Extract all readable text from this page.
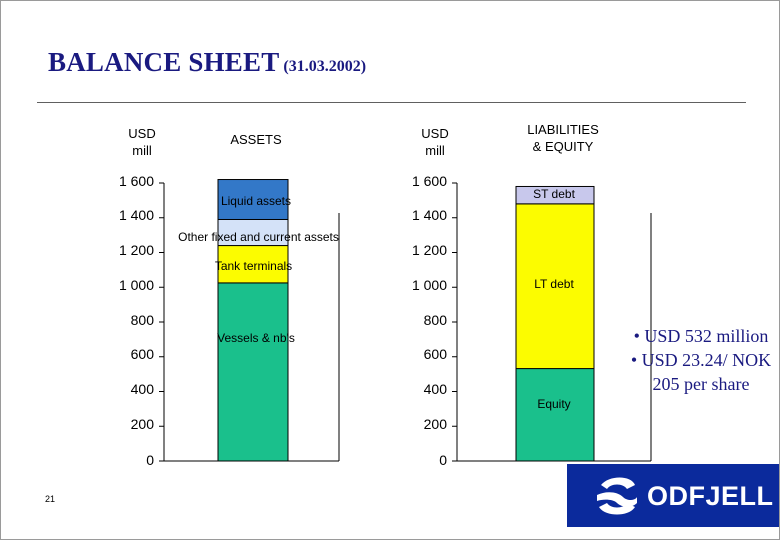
BALANCE SHEET (31.03.2002)
USD
mill
ASSETS	USD
mill
LIABILITIES
& EQUITY
1 600
1 400
1 200
1 000
800
600
400
200
0
1 600
1 400
1 200
1 000
800
600
400
200
0
Liquid assets
Other fixed and current assets
Tank terminals
Vessels & nb's
ST debt
LT debt
Equity
• USD 532 million
• USD 23.24/ NOK 205 per share
21	ODFJELL
